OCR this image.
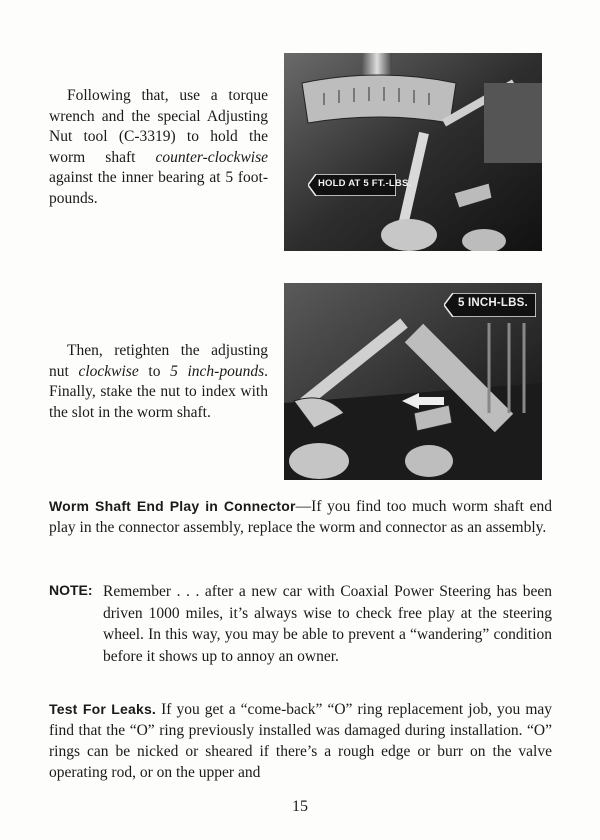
Following that, use a torque wrench and the special Adjusting Nut tool (C-3319) to hold the worm shaft counter-clockwise against the inner bearing at 5 foot-pounds.

HOLD AT 5 FT.-LBS.
5 INCH-LBS.

Then, retighten the adjusting nut clockwise to 5 inch-pounds. Finally, stake the nut to index with the slot in the worm shaft.

Worm Shaft End Play in Connector—If you find too much worm shaft end play in the connector assembly, replace the worm and connector as an assembly.

NOTE: Remember . . . after a new car with Coaxial Power Steering has been driven 1000 miles, it’s always wise to check free play at the steering wheel. In this way, you may be able to prevent a “wandering” condition before it shows up to annoy an owner.

Test For Leaks. If you get a “come-back” “O” ring replacement job, you may find that the “O” ring previously installed was damaged during installation. “O” rings can be nicked or sheared if there’s a rough edge or burr on the valve operating rod, or on the upper and

15
